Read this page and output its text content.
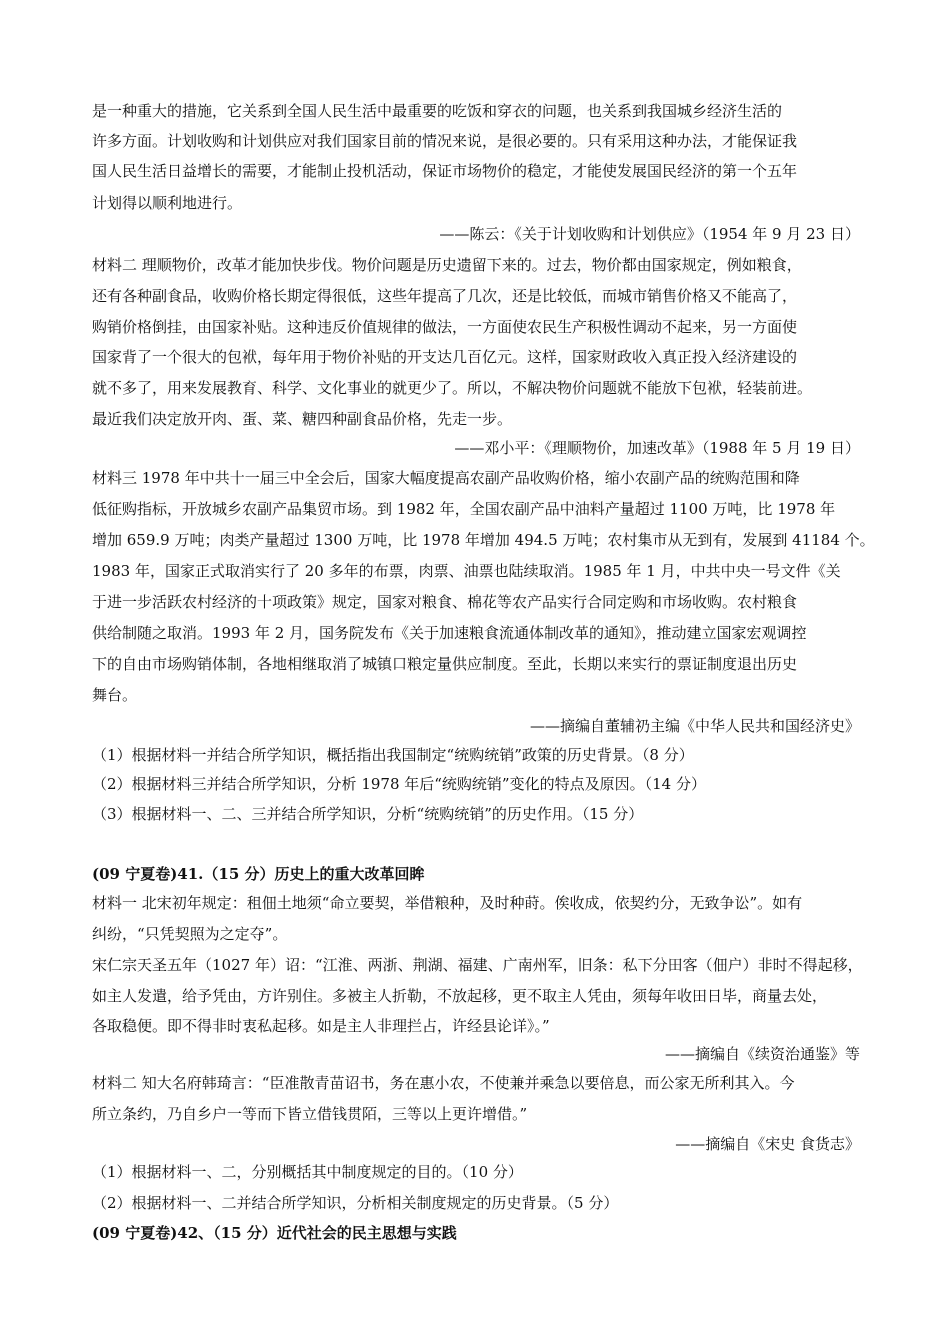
是一种重大的措施，它关系到全国人民生活中最重要的吃饭和穿衣的问题，也关系到我国城乡经济生活的
许多方面。计划收购和计划供应对我们国家目前的情况来说，是很必要的。只有采用这种办法，才能保证我
国人民生活日益增长的需要，才能制止投机活动，保证市场物价的稳定，才能使发展国民经济的第一个五年
计划得以顺利地进行。
——陈云：《关于计划收购和计划供应》（1954 年 9 月 23 日）
材料二 理顺物价，改革才能加快步伐。物价问题是历史遗留下来的。过去，物价都由国家规定，例如粮食，
还有各种副食品，收购价格长期定得很低，这些年提高了几次，还是比较低，而城市销售价格又不能高了，
购销价格倒挂，由国家补贴。这种违反价值规律的做法，一方面使农民生产积极性调动不起来，另一方面使
国家背了一个很大的包袱，每年用于物价补贴的开支达几百亿元。这样，国家财政收入真正投入经济建设的
就不多了，用来发展教育、科学、文化事业的就更少了。所以，不解决物价问题就不能放下包袱，轻装前进。
最近我们决定放开肉、蛋、菜、糖四种副食品价格，先走一步。
——邓小平：《理顺物价，加速改革》（1988 年 5 月 19 日）
材料三 1978 年中共十一届三中全会后，国家大幅度提高农副产品收购价格，缩小农副产品的统购范围和降
低征购指标，开放城乡农副产品集贸市场。到 1982 年，全国农副产品中油料产量超过 1100 万吨，比 1978 年
增加 659.9 万吨；肉类产量超过 1300 万吨，比 1978 年增加 494.5 万吨；农村集市从无到有，发展到 41184 个。
1983 年，国家正式取消实行了 20 多年的布票，肉票、油票也陆续取消。1985 年 1 月，中共中央一号文件《关
于进一步活跃农村经济的十项政策》规定，国家对粮食、棉花等农产品实行合同定购和市场收购。农村粮食
供给制随之取消。1993 年 2 月，国务院发布《关于加速粮食流通体制改革的通知》，推动建立国家宏观调控
下的自由市场购销体制，各地相继取消了城镇口粮定量供应制度。至此，长期以来实行的票证制度退出历史
舞台。
——摘编自董辅礽主编《中华人民共和国经济史》
（1）根据材料一并结合所学知识，概括指出我国制定“统购统销”政策的历史背景。（8 分）
（2）根据材料三并结合所学知识，分析 1978 年后“统购统销”变化的特点及原因。（14 分）
（3）根据材料一、二、三并结合所学知识，分析“统购统销”的历史作用。（15 分）
(09 宁夏卷)41.（15 分）历史上的重大改革回眸
材料一 北宋初年规定：租佃土地须“命立要契，举借粮种，及时种莳。俟收成，依契约分，无致争讼”。如有
纠纷，“只凭契照为之定夺”。
宋仁宗天圣五年（1027 年）诏：“江淮、两浙、荆湖、福建、广南州军，旧条：私下分田客（佃户）非时不得起移，
如主人发遣，给予凭由，方许别住。多被主人折勒，不放起移，更不取主人凭由，须每年收田日毕，商量去处，
各取稳便。即不得非时衷私起移。如是主人非理拦占，许经县论详》。”
——摘编自《续资治通鉴》等
材料二 知大名府韩琦言：“臣准散青苗诏书，务在惠小农，不使兼并乘急以要倍息，而公家无所利其入。今
所立条约，乃自乡户一等而下皆立借钱贯陌，三等以上更许增借。”
——摘编自《宋史 食货志》
（1）根据材料一、二，分别概括其中制度规定的目的。（10 分）
（2）根据材料一、二并结合所学知识，分析相关制度规定的历史背景。（5 分）
(09 宁夏卷)42、（15 分）近代社会的民主思想与实践
